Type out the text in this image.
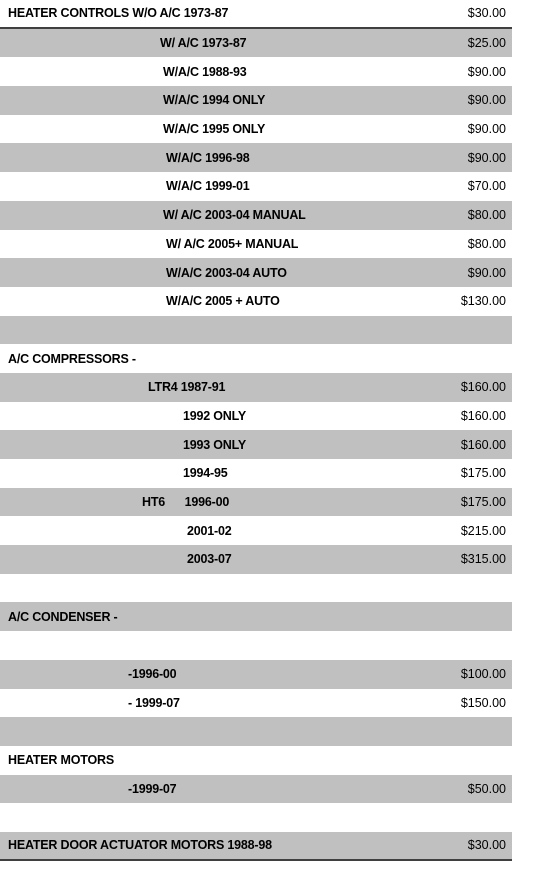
HEATER CONTROLS W/O A/C 1973-87	$30.00
W/ A/C 1973-87	$25.00
W/A/C 1988-93	$90.00
W/A/C 1994 ONLY	$90.00
W/A/C 1995 ONLY	$90.00
W/A/C 1996-98	$90.00
W/A/C 1999-01	$70.00
W/ A/C 2003-04 MANUAL	$80.00
W/ A/C 2005+ MANUAL	$80.00
W/A/C 2003-04 AUTO	$90.00
W/A/C 2005 + AUTO	$130.00
A/C COMPRESSORS -
LTR4 1987-91	$160.00
1992 ONLY	$160.00
1993 ONLY	$160.00
1994-95	$175.00
HT6      1996-00	$175.00
2001-02	$215.00
2003-07	$315.00
A/C CONDENSER -
-1996-00	$100.00
- 1999-07	$150.00
HEATER MOTORS
-1999-07	$50.00
HEATER DOOR ACTUATOR MOTORS 1988-98	$30.00
